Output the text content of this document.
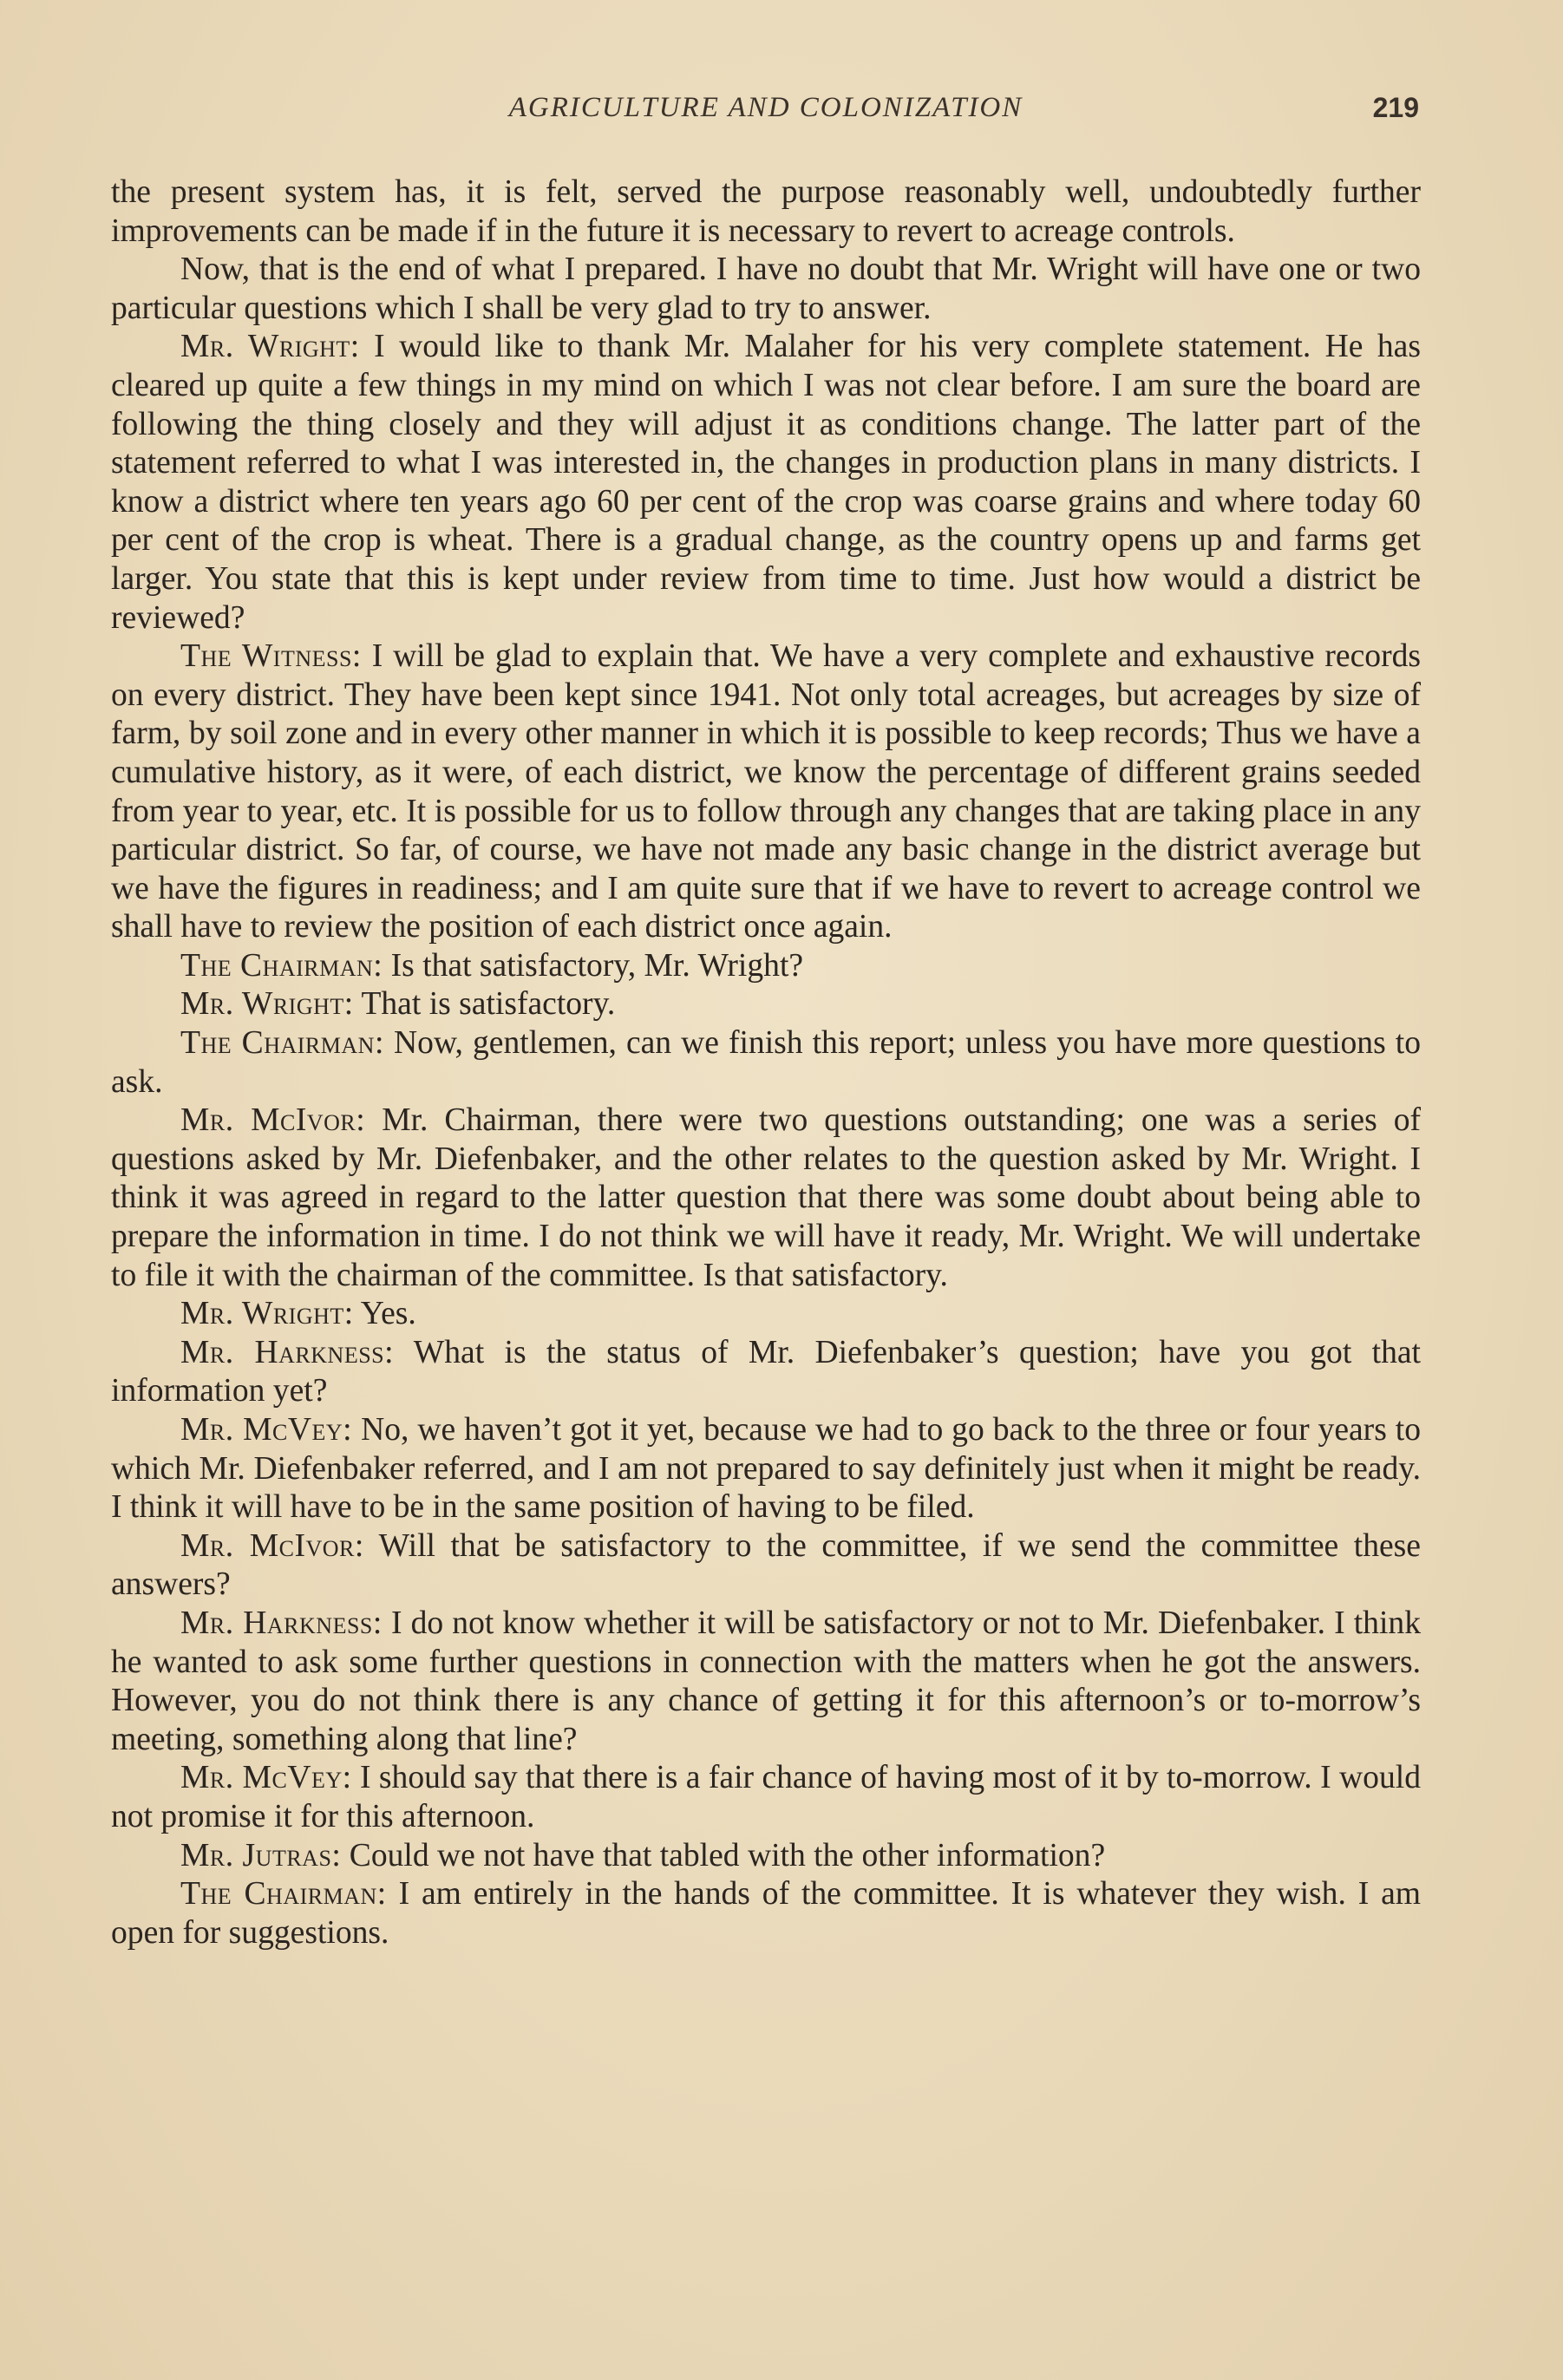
AGRICULTURE AND COLONIZATION	219

the present system has, it is felt, served the purpose reasonably well, undoubtedly further improvements can be made if in the future it is necessary to revert to acreage controls.

Now, that is the end of what I prepared. I have no doubt that Mr. Wright will have one or two particular questions which I shall be very glad to try to answer.

Mr. Wright: I would like to thank Mr. Malaher for his very complete statement. He has cleared up quite a few things in my mind on which I was not clear before. I am sure the board are following the thing closely and they will adjust it as conditions change. The latter part of the statement referred to what I was interested in, the changes in production plans in many districts. I know a district where ten years ago 60 per cent of the crop was coarse grains and where today 60 per cent of the crop is wheat. There is a gradual change, as the country opens up and farms get larger. You state that this is kept under review from time to time. Just how would a district be reviewed?

The Witness: I will be glad to explain that. We have a very complete and exhaustive records on every district. They have been kept since 1941. Not only total acreages, but acreages by size of farm, by soil zone and in every other manner in which it is possible to keep records; Thus we have a cumulative history, as it were, of each district, we know the percentage of different grains seeded from year to year, etc. It is possible for us to follow through any changes that are taking place in any particular district. So far, of course, we have not made any basic change in the district average but we have the figures in readiness; and I am quite sure that if we have to revert to acreage control we shall have to review the position of each district once again.

The Chairman: Is that satisfactory, Mr. Wright?

Mr. Wright: That is satisfactory.

The Chairman: Now, gentlemen, can we finish this report; unless you have more questions to ask.

Mr. McIvor: Mr. Chairman, there were two questions outstanding; one was a series of questions asked by Mr. Diefenbaker, and the other relates to the question asked by Mr. Wright. I think it was agreed in regard to the latter question that there was some doubt about being able to prepare the information in time. I do not think we will have it ready, Mr. Wright. We will undertake to file it with the chairman of the committee. Is that satisfactory.

Mr. Wright: Yes.

Mr. Harkness: What is the status of Mr. Diefenbaker’s question; have you got that information yet?

Mr. McVey: No, we haven’t got it yet, because we had to go back to the three or four years to which Mr. Diefenbaker referred, and I am not prepared to say definitely just when it might be ready. I think it will have to be in the same position of having to be filed.

Mr. McIvor: Will that be satisfactory to the committee, if we send the committee these answers?

Mr. Harkness: I do not know whether it will be satisfactory or not to Mr. Diefenbaker. I think he wanted to ask some further questions in connection with the matters when he got the answers. However, you do not think there is any chance of getting it for this afternoon’s or to-morrow’s meeting, something along that line?

Mr. McVey: I should say that there is a fair chance of having most of it by to-morrow. I would not promise it for this afternoon.

Mr. Jutras: Could we not have that tabled with the other information?

The Chairman: I am entirely in the hands of the committee. It is whatever they wish. I am open for suggestions.
